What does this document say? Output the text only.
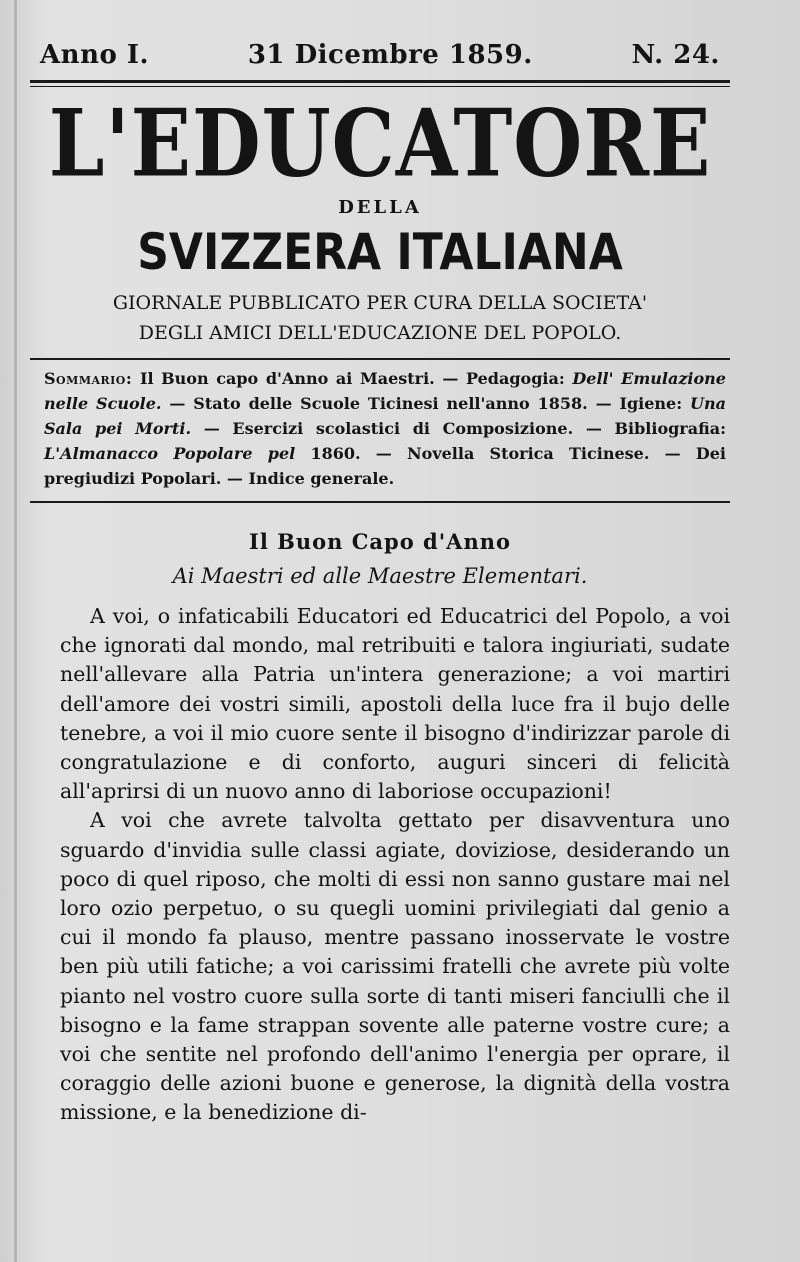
Anno I.	31 Dicembre 1859.	N. 24.
L'EDUCATORE
DELLA
SVIZZERA ITALIANA
GIORNALE PUBBLICATO PER CURA DELLA SOCIETA'
DEGLI AMICI DELL'EDUCAZIONE DEL POPOLO.
Sommario: Il Buon capo d'Anno ai Maestri. — Pedagogia: Dell' Emulazione nelle Scuole. — Stato delle Scuole Ticinesi nell'anno 1858. — Igiene: Una Sala pei Morti. — Esercizi scolastici di Composizione. — Bibliografia: L'Almanacco Popolare pel 1860. — Novella Storica Ticinese. — Dei pregiudizi Popolari. — Indice generale.
Il Buon Capo d'Anno
Ai Maestri ed alle Maestre Elementari.

A voi, o infaticabili Educatori ed Educatrici del Popolo, a voi che ignorati dal mondo, mal retribuiti e talora ingiuriati, sudate nell'allevare alla Patria un'intera generazione; a voi martiri dell'amore dei vostri simili, apostoli della luce fra il bujo delle tenebre, a voi il mio cuore sente il bisogno d'indirizzar parole di congratulazione e di conforto, auguri sinceri di felicità all'aprirsi di un nuovo anno di laboriose occupazioni!

A voi che avrete talvolta gettato per disavventura uno sguardo d'invidia sulle classi agiate, doviziose, desiderando un poco di quel riposo, che molti di essi non sanno gustare mai nel loro ozio perpetuo, o su quegli uomini privilegiati dal genio a cui il mondo fa plauso, mentre passano inosservate le vostre ben più utili fatiche; a voi carissimi fratelli che avrete più volte pianto nel vostro cuore sulla sorte di tanti miseri fanciulli che il bisogno e la fame strappan sovente alle paterne vostre cure; a voi che sentite nel profondo dell'animo l'energia per oprare, il coraggio delle azioni buone e generose, la dignità della vostra missione, e la benedizione di-
